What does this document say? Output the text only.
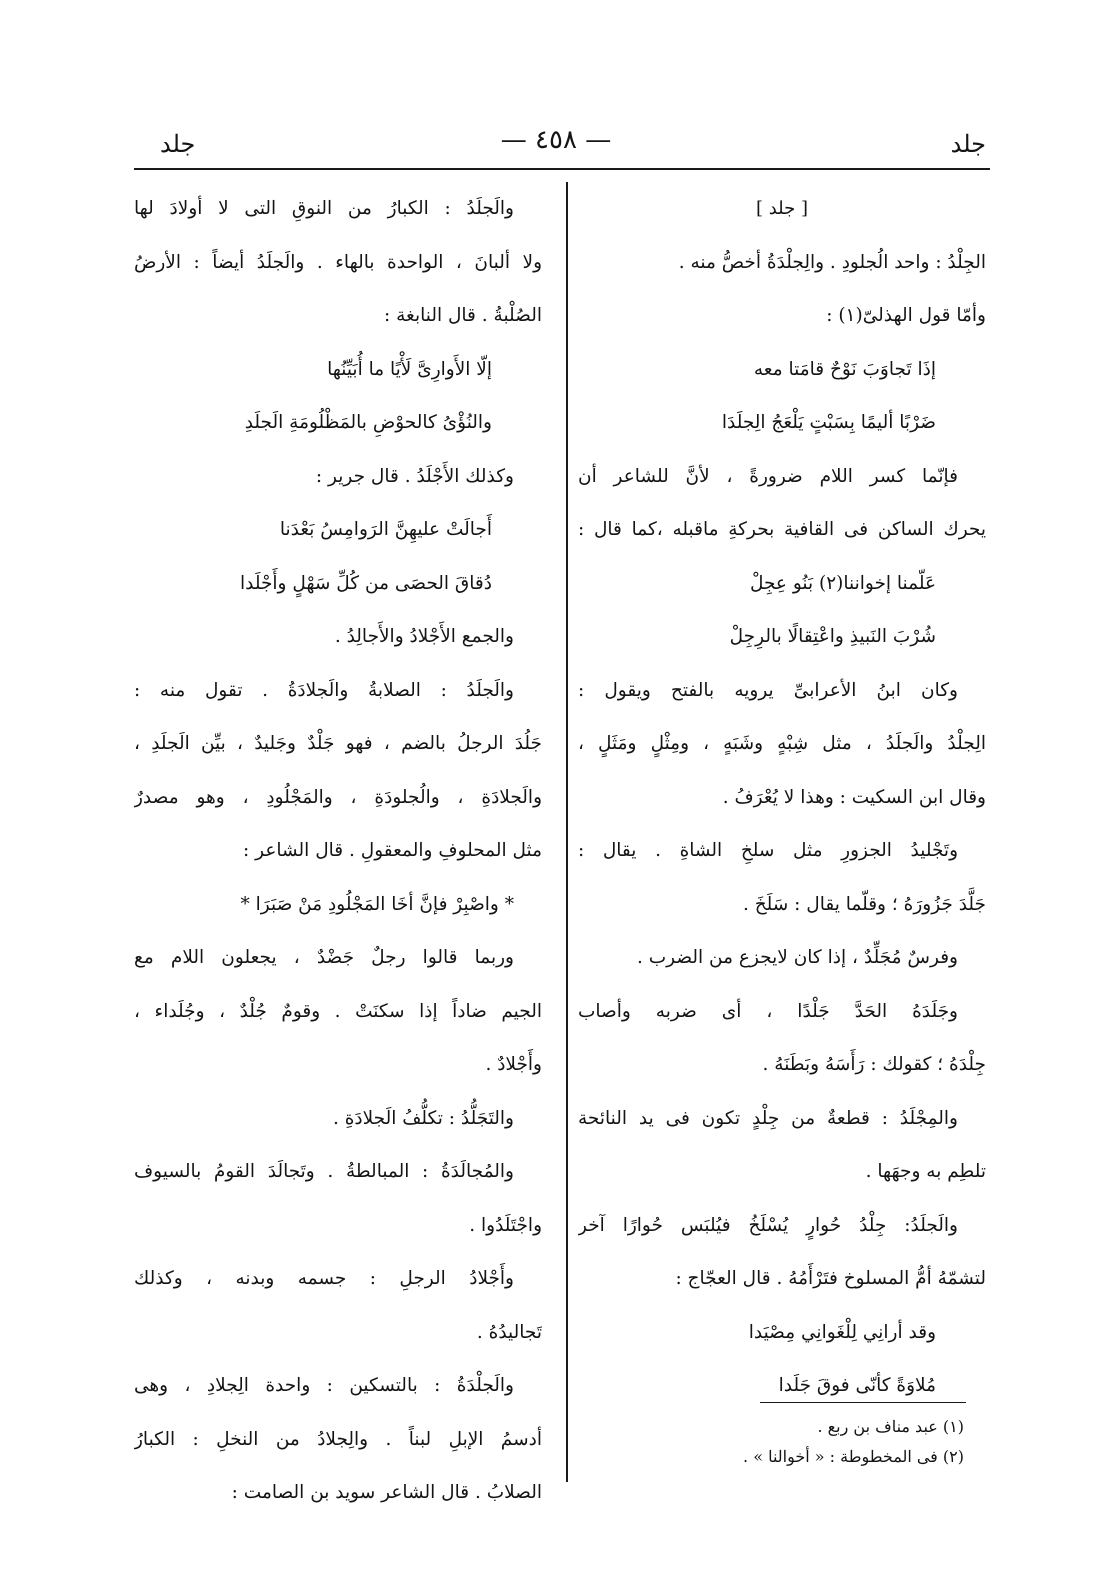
جلد
— ٤٥٨ —
جلد
[ جلد ]
الجِلْدُ : واحد الُجلودِ . والِجلْدَةُ أخصُّ منه .
وأمّا قول الهذلىّ(١) :
إذَا تَجاوَبَ نَوْحٌ قامَتا معه
ضَرْبًا أليمًا بِسَبْتٍ يَلْعَجُ الِجلَدَا
فإنّما كسر اللام ضرورةً ، لأنَّ للشاعر أن
يحرك الساكن فى القافية بحركةِ ماقبله ،كما قال :
عَلّمنا إخواننا(٢) بَنُو عِجِلْ
شُرْبَ النَبيذِ واعْتِقالًا بالرِجِلْ
وكان ابنُ الأعرابىِّ يرويه بالفتح ويقول :
الِجلْدُ والَجلَدُ ، مثل شِبْهٍ وشَبَهٍ ، ومِثْلٍ ومَثَلٍ ،
وقال ابن السكيت : وهذا لا يُعْرَفُ .
وتَجْليدُ الجزورِ مثل سلخِ الشاةِ . يقال :
جَلَّدَ جَزُورَهُ ؛ وقلّما يقال : سَلَخَ .
وفرسٌ مُجَلِّدٌ ، إذا كان لايجزع من الضرب .
وجَلَدَهُ الحَدَّ جَلْدًا ، أى ضربه وأصاب
جِلْدَهُ ؛ كقولك : رَأَسَهُ وبَطَنَهُ .
والمِجْلَدُ : قطعةٌ من جِلْدٍ تكون فى يد النائحة
تلطِم به وجهَها .
والَجلَدُ: جِلْدُ حُوارٍ يُسْلَخُ فيُلبَس حُوارًا آخر
لتشمّهُ أمُّ المسلوخ فتَرْأَمُهُ . قال العجّاج :
وقد أرانِي لِلْغَوانِي مِصْيَدا
مُلاوَةً كأنّى فوقَ جَلَدا
والَجلَدُ : الكبارُ من النوقِ التى لا أولادَ لها
ولا ألبانَ ، الواحدة بالهاء . والَجلَدُ أيضاً : الأرضُ
الصُلْبةُ . قال النابغة :
إلّا الأَوارِىَّ لَأْيًا ما أُبَيِّنُها
والنُؤْىُ كالحوْضِ بالمَظْلُومَةِ الَجلَدِ
وكذلك الأَجْلَدُ . قال جرير :
أَجالَتْ عليهِنَّ الرَوامِسُ بَعْدَنا
دُقاقَ الحصَى من كُلِّ سَهْلٍ وأَجْلَدا
والجمع الأَجْلادُ والأَجالِدُ .
والَجلَدُ : الصلابةُ والَجلادَةُ . تقول منه :
جَلُدَ الرجلُ بالضم ، فهو جَلْدٌ وجَليدٌ ، بيِّن الَجلَدِ ،
والَجلادَةِ ، والُجلودَةِ ، والمَجْلُودِ ، وهو مصدرٌ
مثل المحلوفِ والمعقولِ . قال الشاعر :
* واصْبِرْ فإنَّ أخَا المَجْلُودِ مَنْ صَبَرَا *
وربما قالوا رجلٌ جَضْدٌ ، يجعلون اللام مع
الجيم ضاداً إذا سكنَتْ . وقومٌ جُلْدٌ ، وجُلَداء ،
وأَجْلادٌ .
والتَجَلُّدُ : تكلُّفُ الَجلادَةِ .
والمُجالَدَةُ : المبالطةُ . وتَجالَدَ القومُ بالسيوف
واجْتَلَدُوا .
وأَجْلادُ الرجلِ : جسمه وبدنه ، وكذلك
تَجاليدُهُ .
والَجلْدَةُ : بالتسكين : واحدة الِجلادِ ، وهى
أدسمُ الإبلِ لبناً . والِجلادُ من النخلِ : الكبارُ
الصلابُ . قال الشاعر سويد بن الصامت :
(١) عبد مناف بن ربع .
(٢) فى المخطوطة : « أخوالنا » .
